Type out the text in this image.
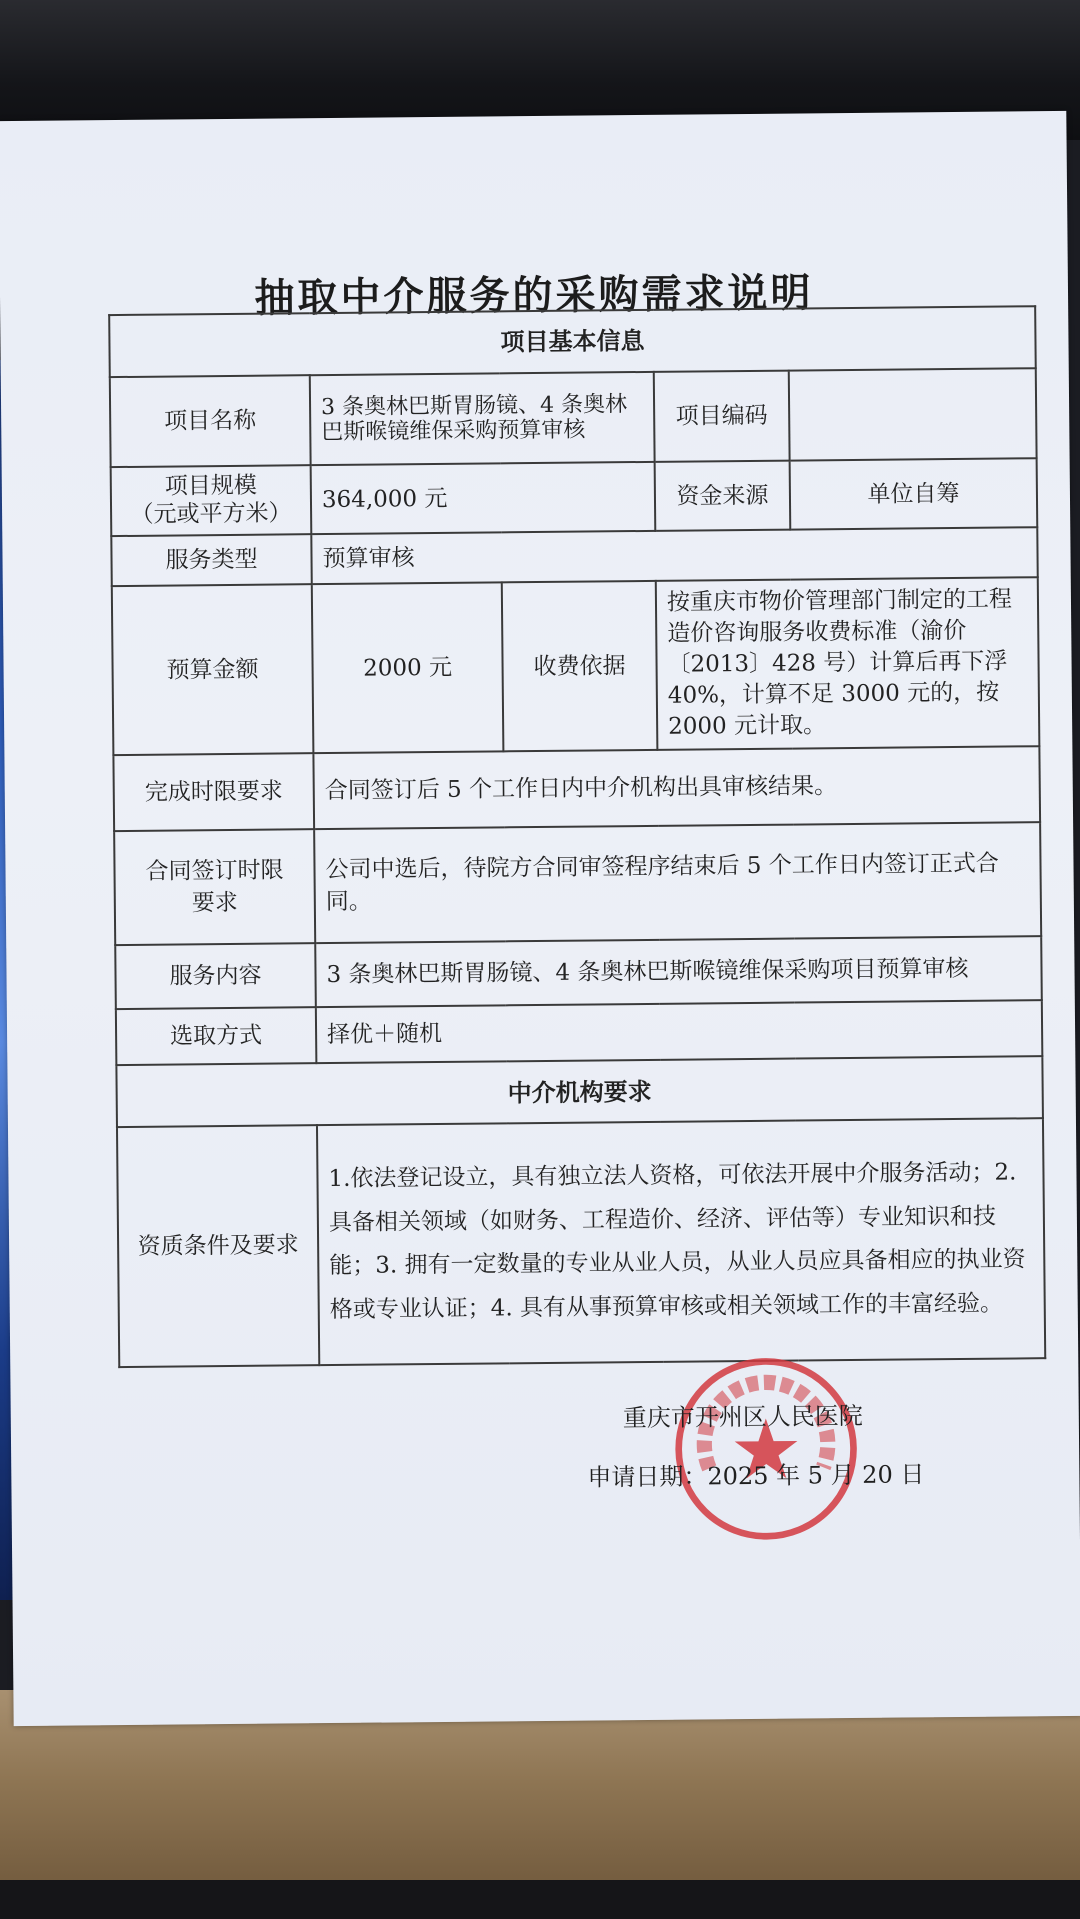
抽取中介服务的采购需求说明
项目基本信息				
项目名称	3 条奥林巴斯胃肠镜、4 条奥林巴斯喉镜维保采购预算审核		项目编码	

项目规模
（元或平方米）	364,000 元		资金来源	单位自筹
服务类型	预算审核			
预算金额	2000 元	收费依据	按重庆市物价管理部门制定的工程造价咨询服务收费标准（渝价〔2013〕428 号）计算后再下浮 40%，计算不足 3000 元的，按 2000 元计取。	
完成时限要求	合同签订后 5 个工作日内中介机构出具审核结果。			
合同签订时限要求	公司中选后，待院方合同审签程序结束后 5 个工作日内签订正式合同。			
服务内容	3 条奥林巴斯胃肠镜、4 条奥林巴斯喉镜维保采购项目预算审核			
选取方式	择优＋随机			
中介机构要求				
资质条件及要求	1.依法登记设立，具有独立法人资格，可依法开展中介服务活动；2.具备相关领域（如财务、工程造价、经济、评估等）专业知识和技能；3. 拥有一定数量的专业从业人员，从业人员应具备相应的执业资格或专业认证；4. 具有从事预算审核或相关领域工作的丰富经验。			
重庆市开州区人民医院
申请日期：2025 年 5 月 20 日
